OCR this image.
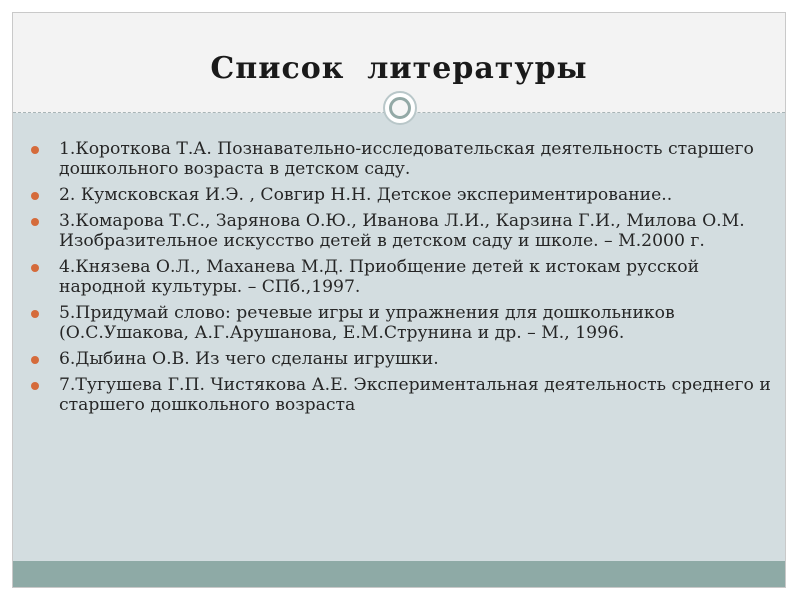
Список  литературы
1.Короткова Т.А. Познавательно-исследовательская деятельность старшего дошкольного возраста в детском саду.
2. Кумсковская И.Э. , Совгир Н.Н. Детское экспериментирование..
3.Комарова Т.С., Зарянова О.Ю., Иванова Л.И., Карзина Г.И., Милова О.М. Изобразительное искусство детей в детском саду и школе. – М.2000 г.
4.Князева О.Л., Маханева М.Д. Приобщение детей к истокам русской народной культуры. – СПб.,1997.
5.Придумай слово: речевые игры и упражнения для дошкольников (О.С.Ушакова, А.Г.Арушанова, Е.М.Струнина и др. – М., 1996.
6.Дыбина О.В. Из чего сделаны игрушки.
7.Тугушева Г.П. Чистякова А.Е. Экспериментальная деятельность среднего и старшего дошкольного возраста
